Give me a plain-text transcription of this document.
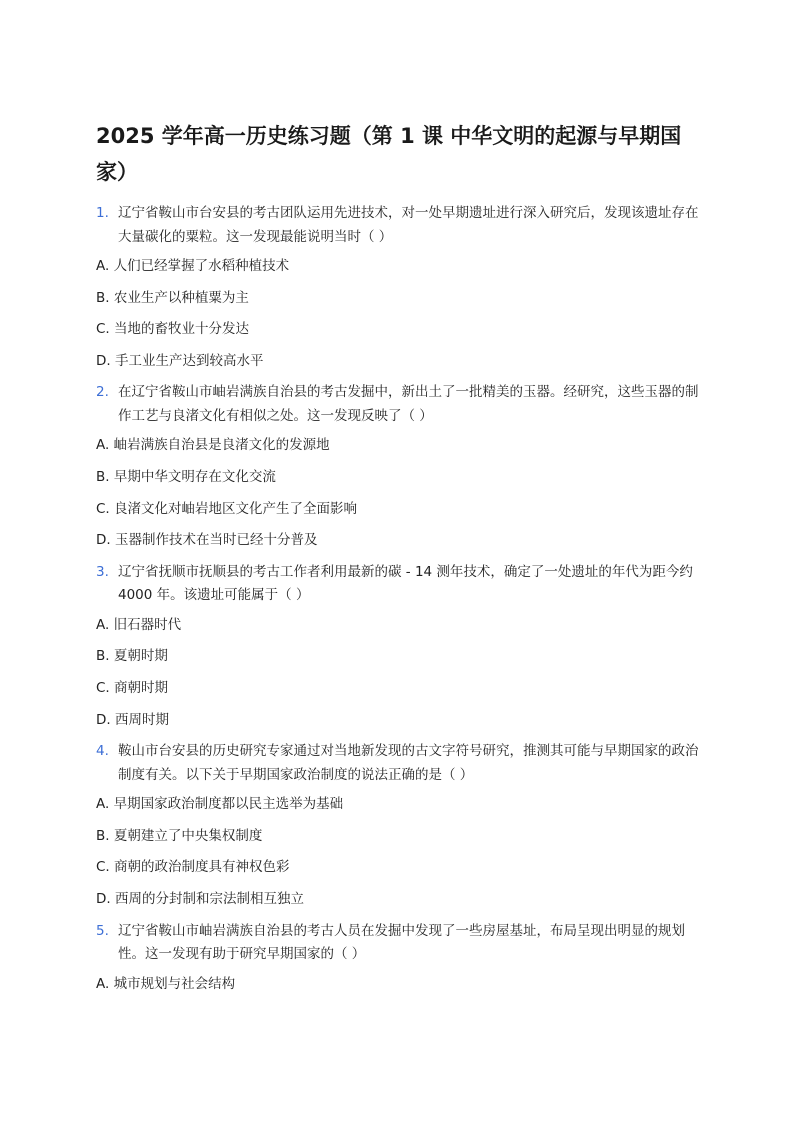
2025 学年高一历史练习题（第 1 课 中华文明的起源与早期国家）
1. 辽宁省鞍山市台安县的考古团队运用先进技术，对一处早期遗址进行深入研究后，发现该遗址存在大量碳化的粟粒。这一发现最能说明当时（ ）
A. 人们已经掌握了水稻种植技术
B. 农业生产以种植粟为主
C. 当地的畜牧业十分发达
D. 手工业生产达到较高水平
2. 在辽宁省鞍山市岫岩满族自治县的考古发掘中，新出土了一批精美的玉器。经研究，这些玉器的制作工艺与良渚文化有相似之处。这一发现反映了（ ）
A. 岫岩满族自治县是良渚文化的发源地
B. 早期中华文明存在文化交流
C. 良渚文化对岫岩地区文化产生了全面影响
D. 玉器制作技术在当时已经十分普及
3. 辽宁省抚顺市抚顺县的考古工作者利用最新的碳 - 14 测年技术，确定了一处遗址的年代为距今约 4000 年。该遗址可能属于（ ）
A. 旧石器时代
B. 夏朝时期
C. 商朝时期
D. 西周时期
4. 鞍山市台安县的历史研究专家通过对当地新发现的古文字符号研究，推测其可能与早期国家的政治制度有关。以下关于早期国家政治制度的说法正确的是（ ）
A. 早期国家政治制度都以民主选举为基础
B. 夏朝建立了中央集权制度
C. 商朝的政治制度具有神权色彩
D. 西周的分封制和宗法制相互独立
5. 辽宁省鞍山市岫岩满族自治县的考古人员在发掘中发现了一些房屋基址，布局呈现出明显的规划性。这一发现有助于研究早期国家的（ ）
A. 城市规划与社会结构
